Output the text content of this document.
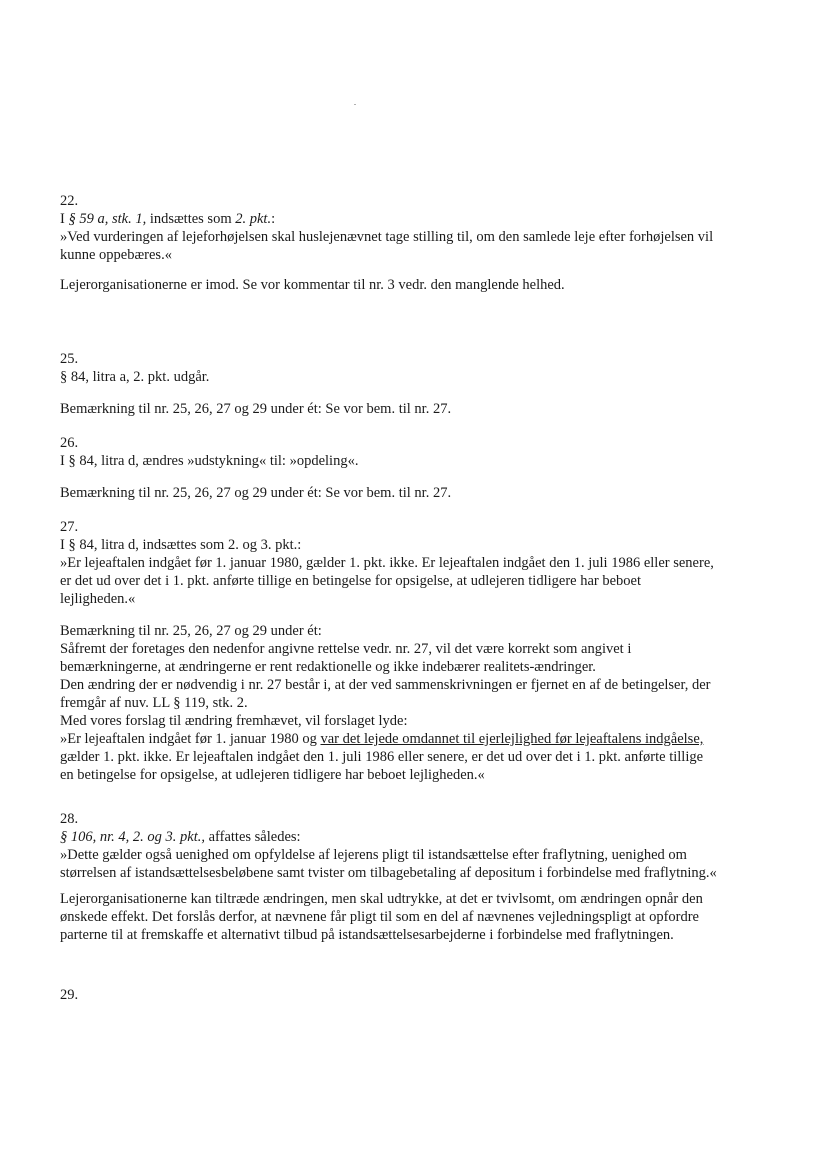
22.
I § 59 a, stk. 1, indsættes som 2. pkt.:
»Ved vurderingen af lejeforhøjelsen skal huslejenævnet tage stilling til, om den samlede leje efter forhøjelsen vil
kunne oppebæres.«
Lejerorganisationerne er imod. Se vor kommentar til nr. 3 vedr. den manglende helhed.
25.
§ 84, litra a, 2. pkt. udgår.
Bemærkning til nr. 25, 26, 27 og 29 under ét: Se vor bem. til nr. 27.
26.
I § 84, litra d, ændres »udstykning« til: »opdeling«.
Bemærkning til nr. 25, 26, 27 og 29 under ét: Se vor bem. til nr. 27.
27.
I § 84, litra d, indsættes som 2. og 3. pkt.:
»Er lejeaftalen indgået før 1. januar 1980, gælder 1. pkt. ikke. Er lejeaftalen indgået den 1. juli 1986 eller senere,
er det ud over det i 1. pkt. anførte tillige en betingelse for opsigelse, at udlejeren tidligere har beboet
lejligheden.«
Bemærkning til nr. 25, 26, 27 og 29 under ét:
Såfremt der foretages den nedenfor angivne rettelse vedr. nr. 27, vil det være korrekt som angivet i
bemærkningerne, at ændringerne er rent redaktionelle og ikke indebærer realitets-ændringer.
Den ændring der er nødvendig i nr. 27 består i, at der ved sammenskrivningen er fjernet en af de betingelser, der
fremgår af nuv. LL § 119, stk. 2.
Med vores forslag til ændring fremhævet, vil forslaget lyde:
»Er lejeaftalen indgået før 1. januar 1980 og var det lejede omdannet til ejerlejlighed før lejeaftalens indgåelse,
gælder 1. pkt. ikke. Er lejeaftalen indgået den 1. juli 1986 eller senere, er det ud over det i 1. pkt. anførte tillige
en betingelse for opsigelse, at udlejeren tidligere har beboet lejligheden.«
28.
§ 106, nr. 4, 2. og 3. pkt., affattes således:
»Dette gælder også uenighed om opfyldelse af lejerens pligt til istandsættelse efter fraflytning, uenighed om
størrelsen af istandsættelsesbeløbene samt tvister om tilbagebetaling af depositum i forbindelse med fraflytning.«
Lejerorganisationerne kan tiltræde ændringen, men skal udtrykke, at det er tvivlsomt, om ændringen opnår den
ønskede effekt. Det forslås derfor, at nævnene får pligt til som en del af nævnenes vejledningspligt at opfordre
parterne til at fremskaffe et alternativt tilbud på istandsættelsesarbejderne i forbindelse med fraflytningen.
29.
